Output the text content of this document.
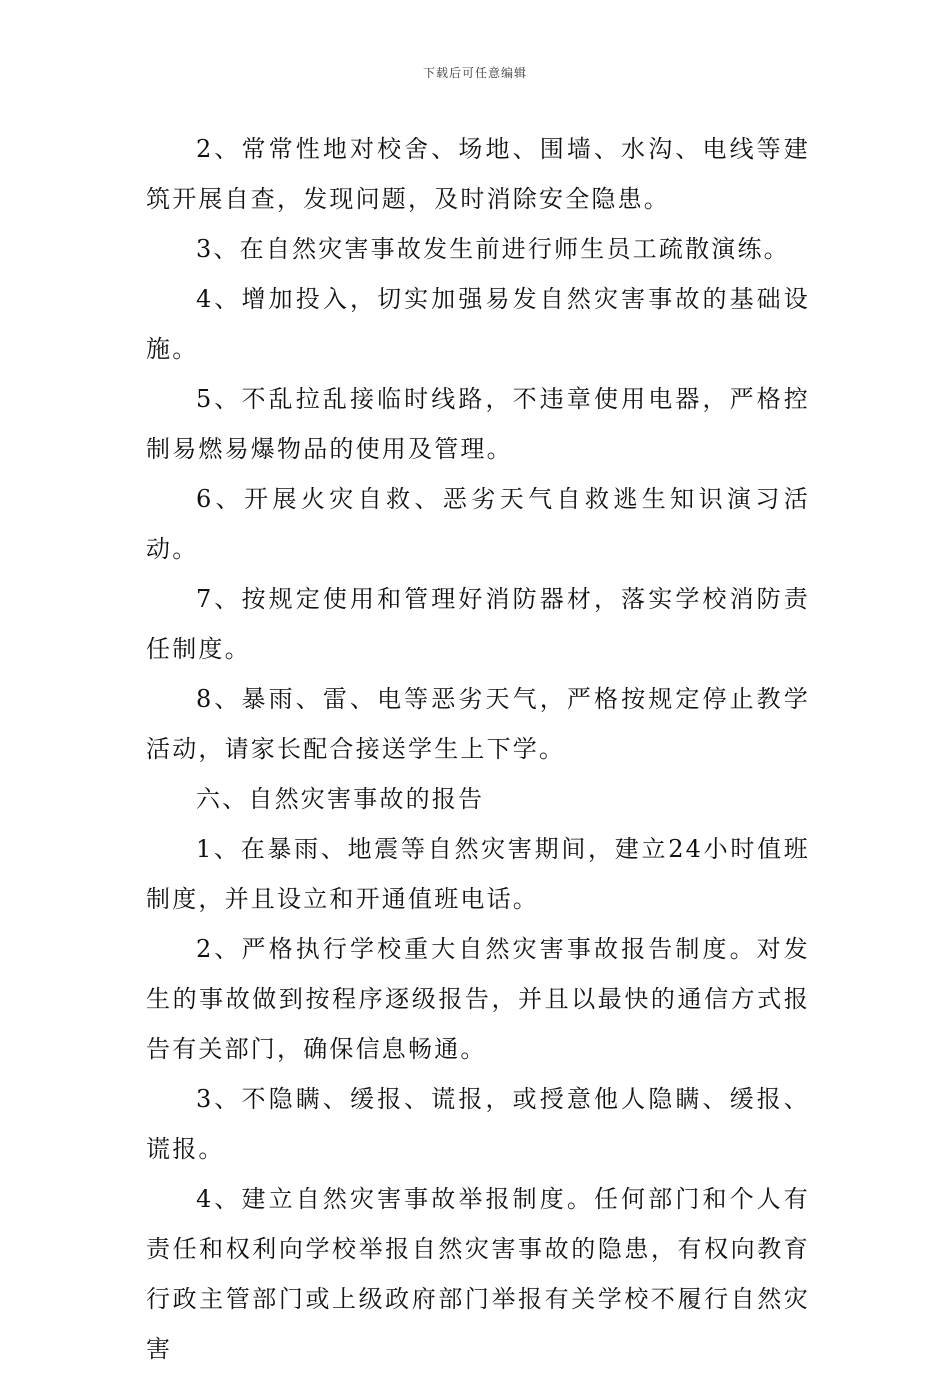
下载后可任意编辑

2、常常性地对校舍、场地、围墙、水沟、电线等建筑开展自查，发现问题，及时消除安全隐患。

3、在自然灾害事故发生前进行师生员工疏散演练。

4、增加投入，切实加强易发自然灾害事故的基础设施。

5、不乱拉乱接临时线路，不违章使用电器，严格控制易燃易爆物品的使用及管理。

6、开展火灾自救、恶劣天气自救逃生知识演习活动。

7、按规定使用和管理好消防器材，落实学校消防责任制度。

8、暴雨、雷、电等恶劣天气，严格按规定停止教学活动，请家长配合接送学生上下学。

六、自然灾害事故的报告

1、在暴雨、地震等自然灾害期间，建立24小时值班制度，并且设立和开通值班电话。

2、严格执行学校重大自然灾害事故报告制度。对发生的事故做到按程序逐级报告，并且以最快的通信方式报告有关部门，确保信息畅通。

3、不隐瞒、缓报、谎报，或授意他人隐瞒、缓报、谎报。

4、建立自然灾害事故举报制度。任何部门和个人有责任和权利向学校举报自然灾害事故的隐患，有权向教育行政主管部门或上级政府部门举报有关学校不履行自然灾害
